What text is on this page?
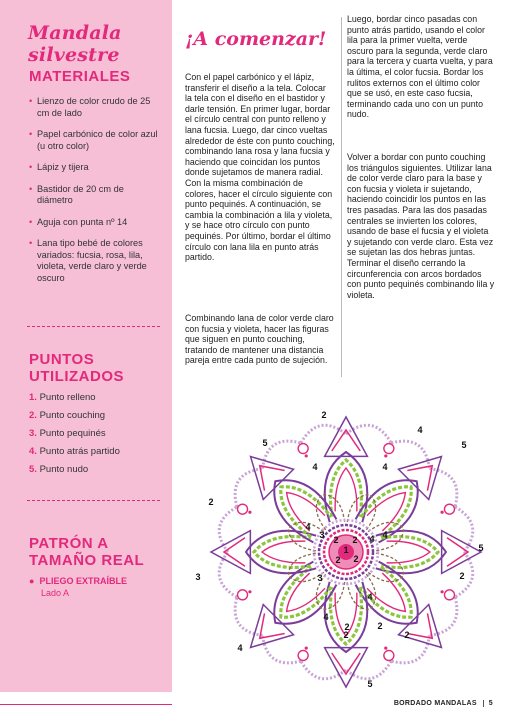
Mandala silvestre
MATERIALES
• Lienzo de color crudo de 25 cm de lado
• Papel carbónico de color azul (u otro color)
• Lápiz y tijera
• Bastidor de 20 cm de diámetro
• Aguja con punta nº 14
• Lana tipo bebé de colores variados: fucsia, rosa, lila, violeta, verde claro y verde oscuro
PUNTOS
UTILIZADOS
1. Punto relleno
2. Punto couching
3. Punto pequinés
4. Punto atrás partido
5. Punto nudo
PATRÓN A
TAMAÑO REAL
● PLIEGO EXTRAÍBLE
Lado A
¡A comenzar!

Con el papel carbónico y el lápiz, transferir el diseño a la tela. Colocar la tela con el diseño en el bastidor y darle tensión. En primer lugar, bordar el círculo central con punto relleno y lana fucsia. Luego, dar cinco vueltas alrededor de éste con punto couching, combinando lana rosa y lana fucsia y haciendo que coincidan los puntos donde sujetamos de manera radial. Con la misma combinación de colores, hacer el círculo siguiente con punto pequinés. A continuación, se cambia la combinación a lila y violeta, y se hace otro círculo con punto pequinés. Por último, bordar el último círculo con lana lila en punto atrás partido.

Combinando lana de color verde claro con fucsia y violeta, hacer las figuras que siguen en punto couching, tratando de mantener una distancia pareja entre cada punto de sujeción.

Luego, bordar cinco pasadas con punto atrás partido, usando el color lila para la primer vuelta, verde oscuro para la segunda, verde claro para la tercera y cuarta vuelta, y para la última, el color fucsia. Bordar los rulitos externos con el último color que se usó, en este caso fucsia, terminando cada uno con un punto nudo.

Volver a bordar con punto couching los triángulos siguientes. Utilizar lana de color verde claro para la base y con fucsia y violeta ir sujetando, haciendo coincidir los puntos en las tres pasadas. Para las dos pasadas centrales se invierten los colores, usando de base el fucsia y el violeta y sujetando con verde claro. Esta vez se sujetan las dos hebras juntas. Terminar el diseño cerrando la circunferencia con arcos bordados con punto pequinés combinando lila y violeta.

1
2 2
2 2
3	4
4
4
4	4
4
5
2
2
2
2
2	2
3	3
5
4
4
5
5
2
4
BORDADO MANDALAS 5
